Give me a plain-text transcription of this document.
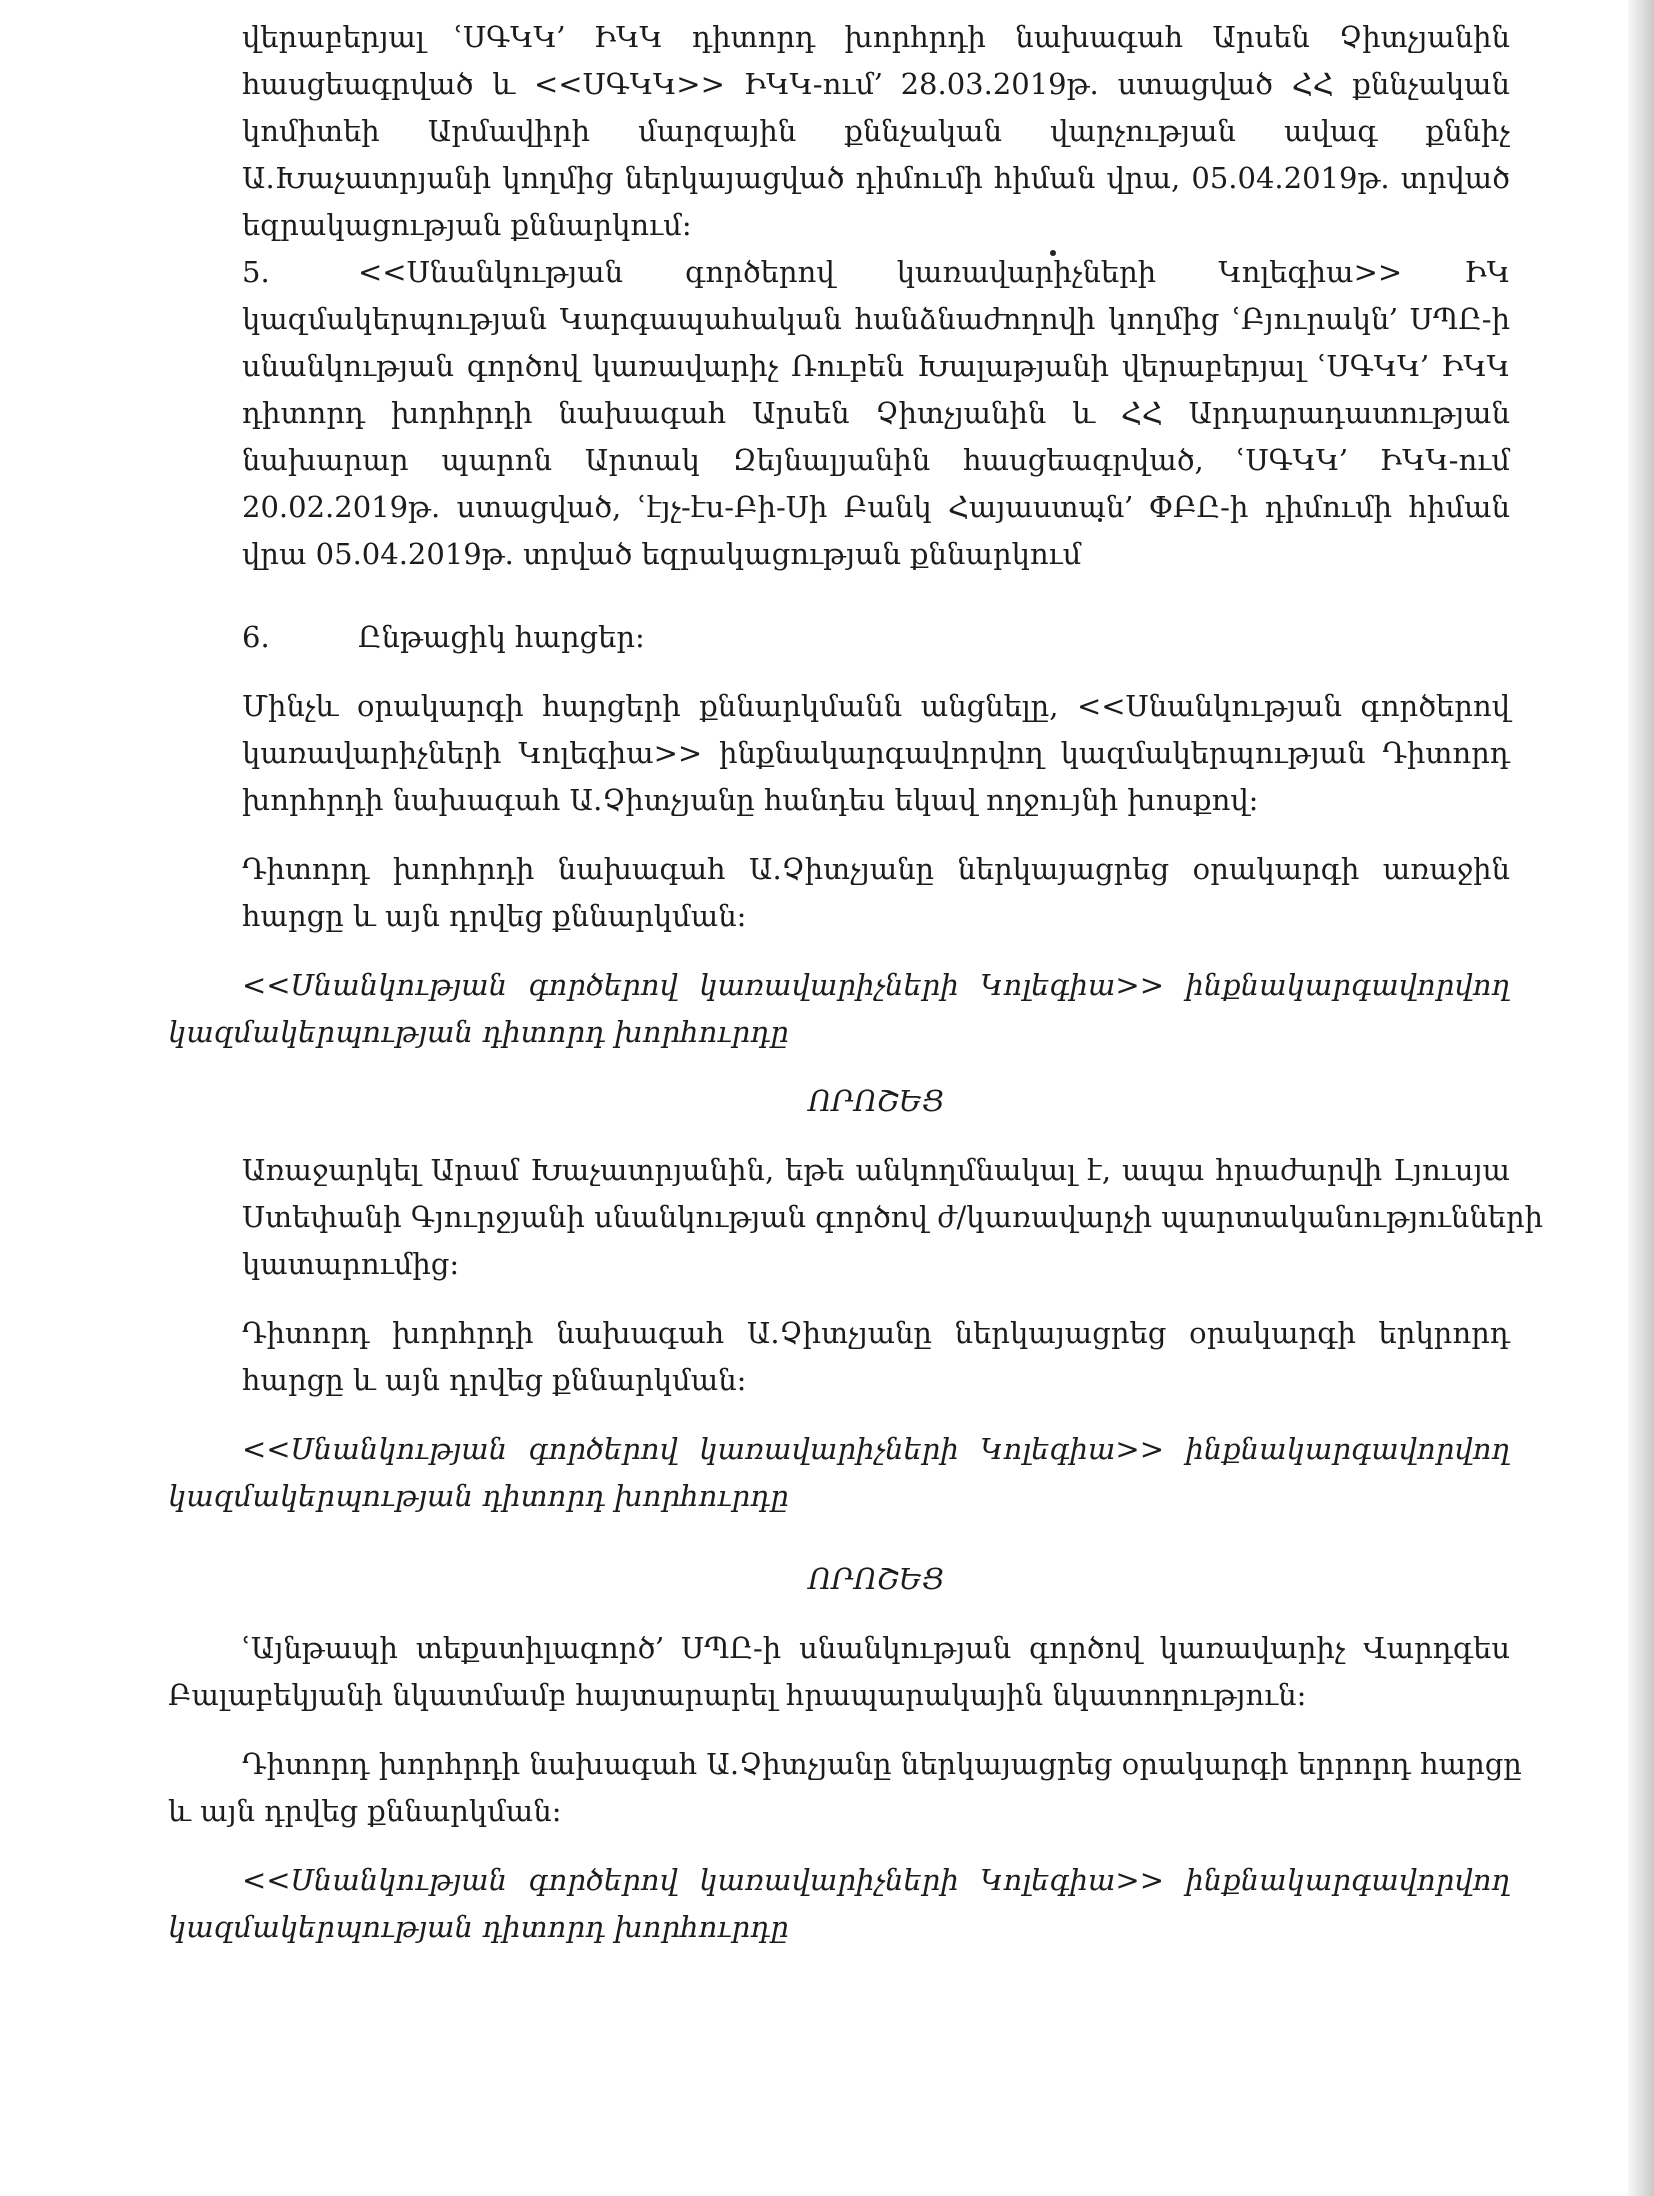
վերաբերյալ ՙՍԳԿԿ՚ ԻԿԿ դիտորդ խորհրդի նախագահ Արսեն Չիտչյանին
հասցեագրված և <<ՍԳԿԿ>> ԻԿԿ-ում՚ 28.03.2019թ. ստացված ՀՀ քննչական
կոմիտեի Արմավիրի մարզային քննչական վարչության ավագ քննիչ
Ա.Խաչատրյանի կողմից ներկայացված դիմումի հիման վրա, 05.04.2019թ. տրված
եզրակացության քննարկում:
5.	<<Սնանկության գործերով կառավարիչների Կոլեգիա>> ԻԿ
կազմակերպության Կարգապահական հանձնաժողովի կողմից ՙԲյուրակն՚ ՍՊԸ-ի
սնանկության գործով կառավարիչ Ռուբեն Խալաթյանի վերաբերյալ ՙՍԳԿԿ՚ ԻԿԿ
դիտորդ խորհրդի նախագահ Արսեն Չիտչյանին և ՀՀ Արդարադատության
նախարար պարոն Արտակ Զեյնալյանին հասցեագրված, ՙՍԳԿԿ՚ ԻԿԿ-ում
20.02.2019թ. ստացված, ՙէյչ-էս-Բի-Սի Բանկ Հայաստան՚ ՓԲԸ-ի դիմումի հիման
վրա 05.04.2019թ. տրված եզրակացության քննարկում
6.	Ընթացիկ հարցեր:
Մինչև օրակարգի հարցերի քննարկմանն անցնելը, <<Սնանկության գործերով
կառավարիչների Կոլեգիա>> ինքնակարգավորվող կազմակերպության Դիտորդ
խորհրդի նախագահ Ա.Չիտչյանը հանդես եկավ ողջույնի խոսքով:
Դիտորդ խորհրդի նախագահ Ա.Չիտչյանը ներկայացրեց օրակարգի առաջին
հարցը և այն դրվեց քննարկման:
<<Սնանկության գործերով կառավարիչների Կոլեգիա>> ինքնակարգավորվող
կազմակերպության դիտորդ խորհուրդը
ՈՐՈՇԵՑ
Առաջարկել Արամ Խաչատրյանին, եթե անկողմնակալ է, ապա հրաժարվի Լյուսյա
Ստեփանի Գյուրջյանի սնանկության գործով ժ/կառավարչի պարտականությունների
կատարումից:
Դիտորդ խորհրդի նախագահ Ա.Չիտչյանը ներկայացրեց օրակարգի երկրորդ
հարցը և այն դրվեց քննարկման:
<<Սնանկության գործերով կառավարիչների Կոլեգիա>> ինքնակարգավորվող
կազմակերպության դիտորդ խորհուրդը
ՈՐՈՇԵՑ
ՙԱյնթապի տեքստիլագործ՚ ՍՊԸ-ի սնանկության գործով կառավարիչ Վարդգես
Բալաբեկյանի նկատմամբ հայտարարել հրապարակային նկատողություն:
Դիտորդ խորհրդի նախագահ Ա.Չիտչյանը ներկայացրեց օրակարգի երրորդ հարցը
և այն դրվեց քննարկման:
<<Սնանկության գործերով կառավարիչների Կոլեգիա>> ինքնակարգավորվող
կազմակերպության դիտորդ խորհուրդը
